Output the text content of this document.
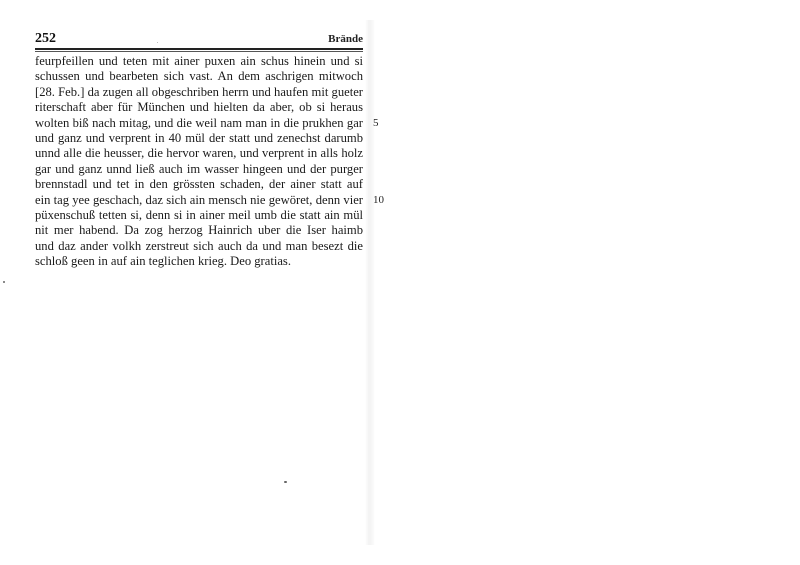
252	Brände
feurpfeillen und teten mit ainer puxen ain schus hinein und si
schussen und bearbeten sich vast. An dem aschrigen mitwoch
[28. Feb.] da zugen all obgeschriben herrn und haufen mit gueter
riterschaft aber für München und hielten da aber, ob si heraus
wolten biß nach mitag, und die weil nam man in die prukhen gar 5
und ganz und verprent in 40 mül der statt und zenechst darumb
unnd alle die heusser, die hervor waren, und verprent in alls holz
gar und ganz unnd ließ auch im wasser hingeen und der purger
brennstadl und tet in den grössten schaden, der ainer statt auf
ein tag yee geschach, daz sich ain mensch nie gewöret, denn vier 10
püxenschuß tetten si, denn si in ainer meil umb die statt ain mül
nit mer habend. Da zog herzog Hainrich uber die Iser haimb
und daz ander volkh zerstreut sich auch da und man besezt die
schloß geen in auf ain teglichen krieg. Deo gratias.
